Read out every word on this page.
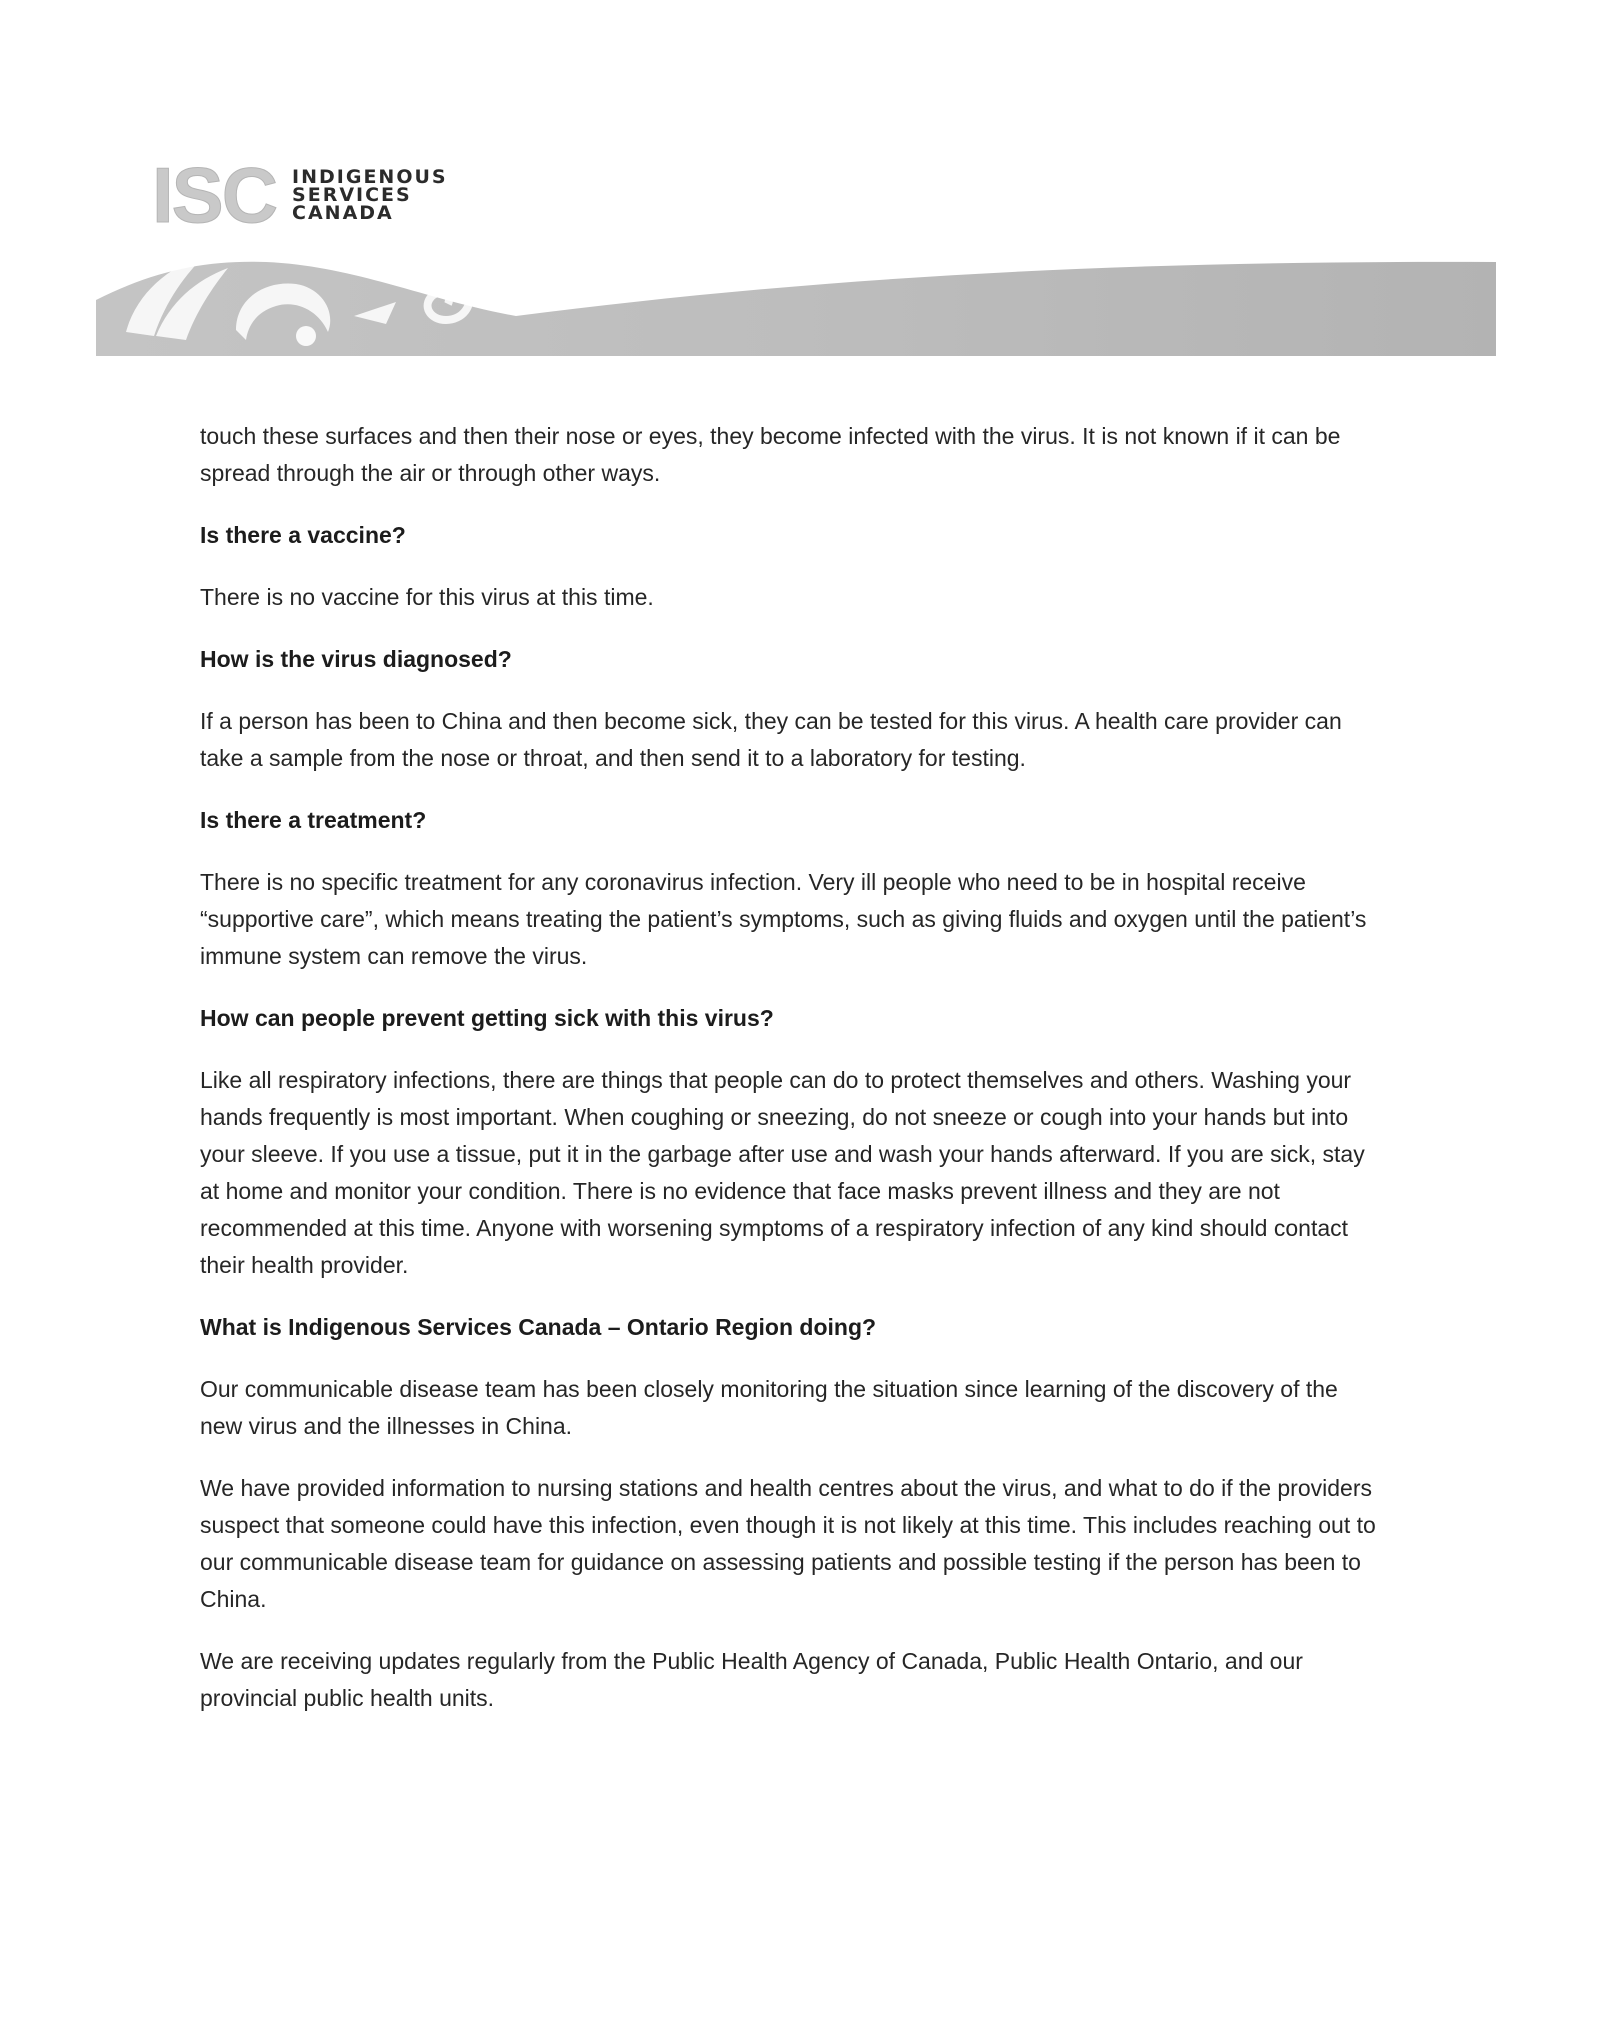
ISC INDIGENOUS
SERVICES
CANADA

touch these surfaces and then their nose or eyes, they become infected with the virus. It is not known if it can be spread through the air or through other ways.

Is there a vaccine?

There is no vaccine for this virus at this time.

How is the virus diagnosed?

If a person has been to China and then become sick, they can be tested for this virus. A health care provider can take a sample from the nose or throat, and then send it to a laboratory for testing.

Is there a treatment?

There is no specific treatment for any coronavirus infection. Very ill people who need to be in hospital receive “supportive care”, which means treating the patient’s symptoms, such as giving fluids and oxygen until the patient’s immune system can remove the virus.

How can people prevent getting sick with this virus?

Like all respiratory infections, there are things that people can do to protect themselves and others. Washing your hands frequently is most important. When coughing or sneezing, do not sneeze or cough into your hands but into your sleeve. If you use a tissue, put it in the garbage after use and wash your hands afterward. If you are sick, stay at home and monitor your condition. There is no evidence that face masks prevent illness and they are not recommended at this time. Anyone with worsening symptoms of a respiratory infection of any kind should contact their health provider.

What is Indigenous Services Canada – Ontario Region doing?

Our communicable disease team has been closely monitoring the situation since learning of the discovery of the new virus and the illnesses in China.

We have provided information to nursing stations and health centres about the virus, and what to do if the providers suspect that someone could have this infection, even though it is not likely at this time. This includes reaching out to our communicable disease team for guidance on assessing patients and possible testing if the person has been to China.

We are receiving updates regularly from the Public Health Agency of Canada, Public Health Ontario, and our provincial public health units.
